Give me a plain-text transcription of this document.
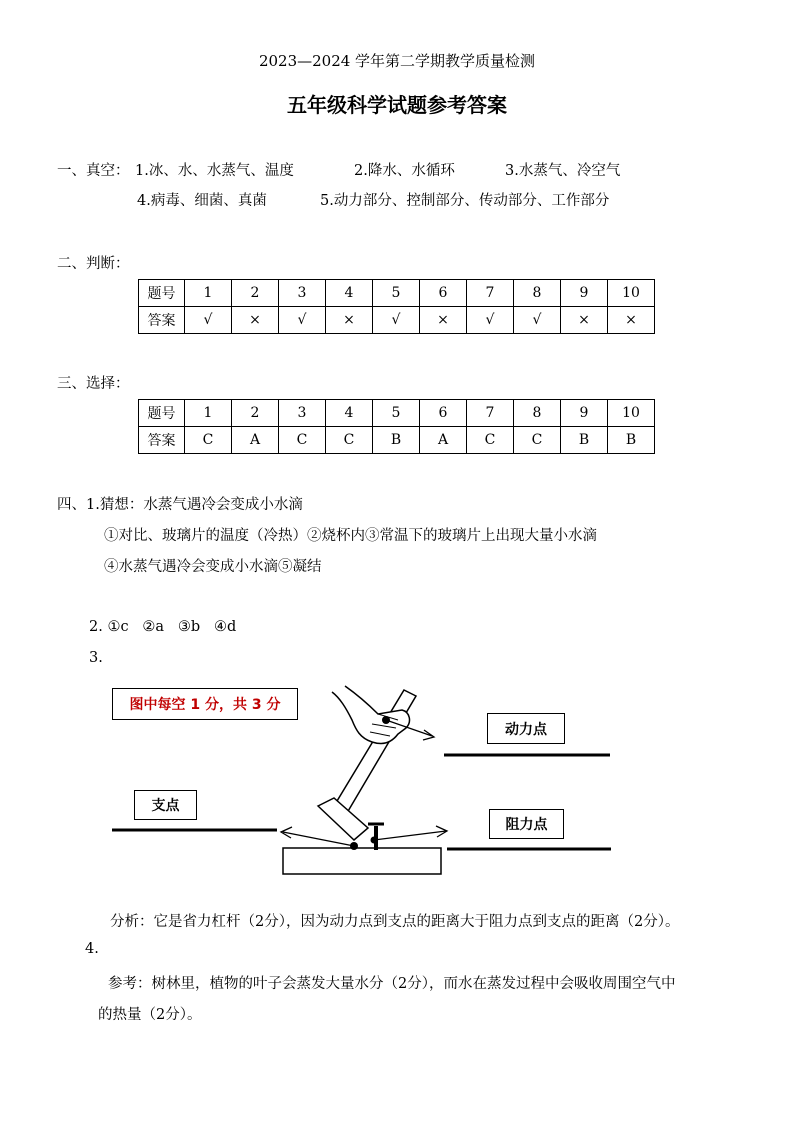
2023—2024 学年第二学期教学质量检测
五年级科学试题参考答案
一、真空： 1.冰、水、水蒸气、温度	2.降水、水循环	3.水蒸气、冷空气
4.病毒、细菌、真菌	5.动力部分、控制部分、传动部分、工作部分
二、判断：
题号	1	2	3	4	5	6	7	8	9	10
答案	√	×	√	×	√	×	√	√	×	×
三、选择：
题号	1	2	3	4	5	6	7	8	9	10
答案	C	A	C	C	B	A	C	C	B	B
四、1.猜想：水蒸气遇冷会变成小水滴
①对比、玻璃片的温度（冷热）②烧杯内③常温下的玻璃片上出现大量小水滴
④水蒸气遇冷会变成小水滴⑤凝结
2. ①c   ②a   ③b   ④d
3.
图中每空 1 分，共 3 分
动力点
支点
阻力点
分析：它是省力杠杆（2分），因为动力点到支点的距离大于阻力点到支点的距离（2分）。
4.
参考：树林里，植物的叶子会蒸发大量水分（2分），而水在蒸发过程中会吸收周围空气中
的热量（2分）。
